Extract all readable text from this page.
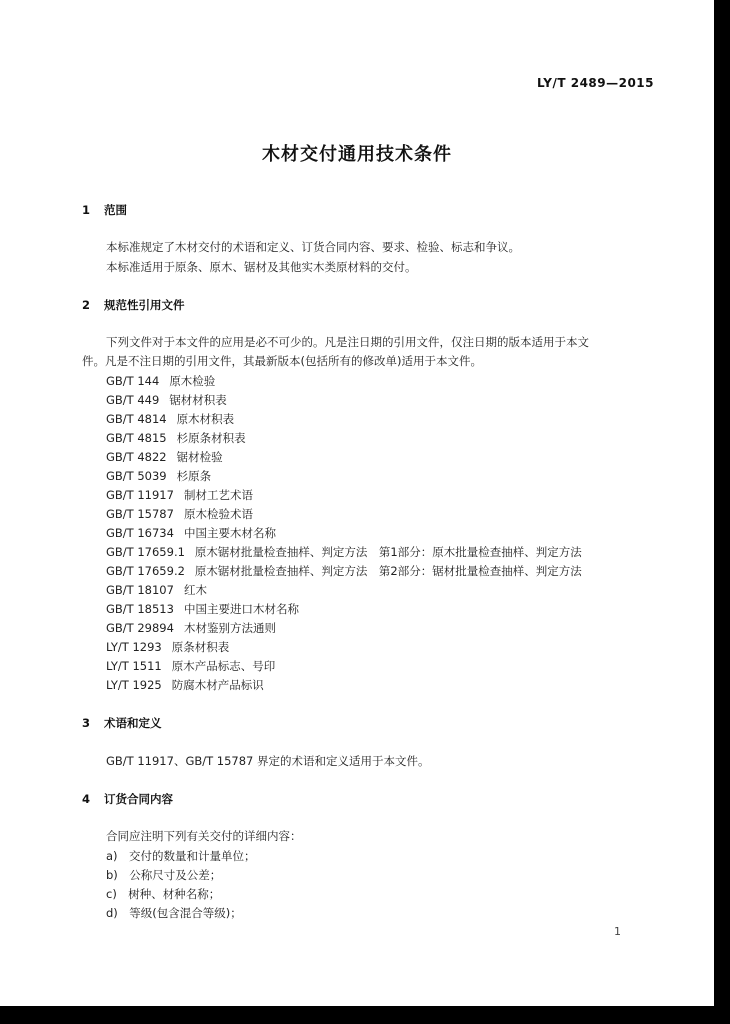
LY/T 2489—2015
木材交付通用技术条件
1 范围
本标准规定了木材交付的术语和定义、订货合同内容、要求、检验、标志和争议。
本标准适用于原条、原木、锯材及其他实木类原材料的交付。
2 规范性引用文件
下列文件对于本文件的应用是必不可少的。凡是注日期的引用文件，仅注日期的版本适用于本文
件。凡是不注日期的引用文件，其最新版本(包括所有的修改单)适用于本文件。
GB/T 144 原木检验
GB/T 449 锯材材积表
GB/T 4814 原木材积表
GB/T 4815 杉原条材积表
GB/T 4822 锯材检验
GB/T 5039 杉原条
GB/T 11917 制材工艺术语
GB/T 15787 原木检验术语
GB/T 16734 中国主要木材名称
GB/T 17659.1 原木锯材批量检查抽样、判定方法　第1部分：原木批量检查抽样、判定方法
GB/T 17659.2 原木锯材批量检查抽样、判定方法　第2部分：锯材批量检查抽样、判定方法
GB/T 18107 红木
GB/T 18513 中国主要进口木材名称
GB/T 29894 木材鉴别方法通则
LY/T 1293 原条材积表
LY/T 1511 原木产品标志、号印
LY/T 1925 防腐木材产品标识
3 术语和定义
GB/T 11917、GB/T 15787 界定的术语和定义适用于本文件。
4 订货合同内容
合同应注明下列有关交付的详细内容：
a)　交付的数量和计量单位；
b)　公称尺寸及公差；
c)　树种、材种名称；
d)　等级(包含混合等级)；
1
